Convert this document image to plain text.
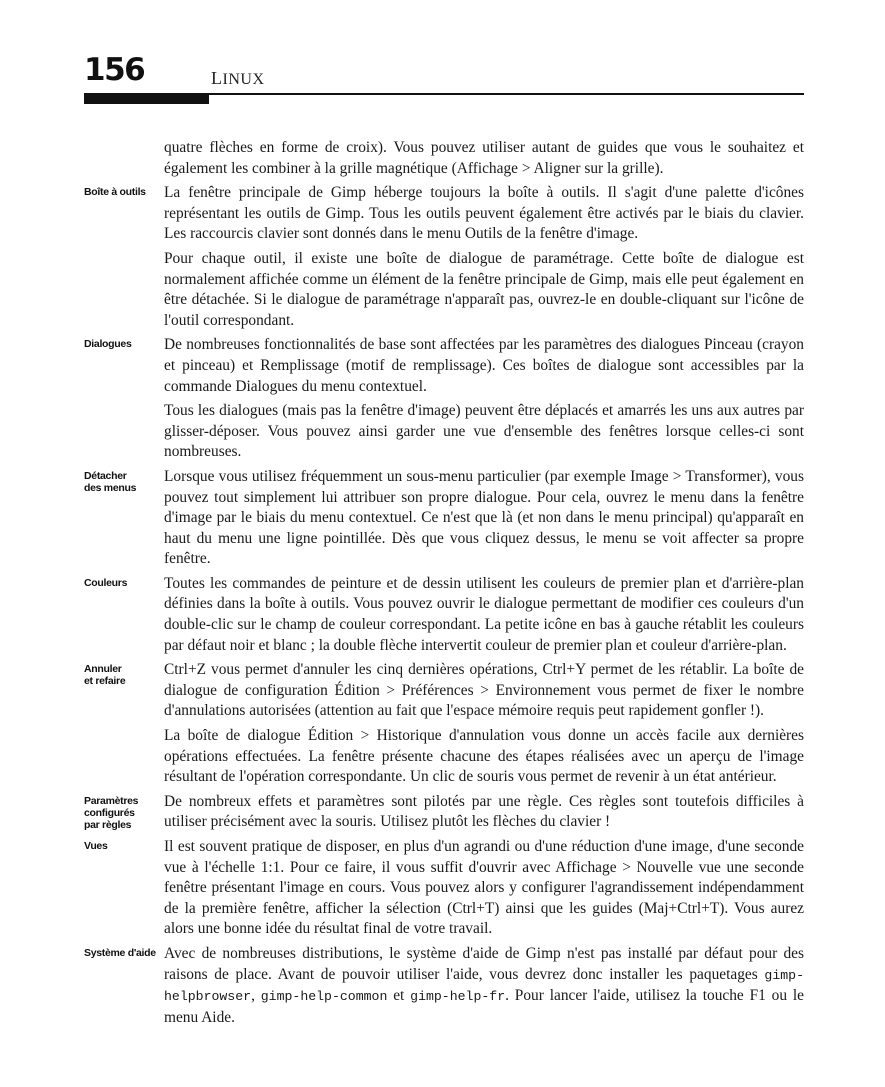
156	LINUX

quatre flèches en forme de croix). Vous pouvez utiliser autant de guides que vous le souhaitez et également les combiner à la grille magnétique (Affichage > Aligner sur la grille).

Boîte à outils	La fenêtre principale de Gimp héberge toujours la boîte à outils. Il s'agit d'une palette d'icônes représentant les outils de Gimp. Tous les outils peuvent également être activés par le biais du clavier. Les raccourcis clavier sont donnés dans le menu Outils de la fenêtre d'image.

Pour chaque outil, il existe une boîte de dialogue de paramétrage. Cette boîte de dialogue est normalement affichée comme un élément de la fenêtre principale de Gimp, mais elle peut également en être détachée. Si le dialogue de paramétrage n'apparaît pas, ouvrez-le en double-cliquant sur l'icône de l'outil correspondant.

Dialogues	De nombreuses fonctionnalités de base sont affectées par les paramètres des dialogues Pinceau (crayon et pinceau) et Remplissage (motif de remplissage). Ces boîtes de dialogue sont accessibles par la commande Dialogues du menu contextuel.

Tous les dialogues (mais pas la fenêtre d'image) peuvent être déplacés et amarrés les uns aux autres par glisser-déposer. Vous pouvez ainsi garder une vue d'ensemble des fenêtres lorsque celles-ci sont nombreuses.

Détacher
des menus

Lorsque vous utilisez fréquemment un sous-menu particulier (par exemple Image > Transformer), vous pouvez tout simplement lui attribuer son propre dialogue. Pour cela, ouvrez le menu dans la fenêtre d'image par le biais du menu contextuel. Ce n'est que là (et non dans le menu principal) qu'apparaît en haut du menu une ligne pointillée. Dès que vous cliquez dessus, le menu se voit affecter sa propre fenêtre.

Couleurs	Toutes les commandes de peinture et de dessin utilisent les couleurs de premier plan et d'arrière-plan définies dans la boîte à outils. Vous pouvez ouvrir le dialogue permettant de modifier ces couleurs d'un double-clic sur le champ de couleur correspondant. La petite icône en bas à gauche rétablit les couleurs par défaut noir et blanc ; la double flèche intervertit couleur de premier plan et couleur d'arrière-plan.

Annuler
et refaire

Ctrl+Z vous permet d'annuler les cinq dernières opérations, Ctrl+Y permet de les rétablir. La boîte de dialogue de configuration Édition > Préférences > Environnement vous permet de fixer le nombre d'annulations autorisées (attention au fait que l'espace mémoire requis peut rapidement gonfler !).

La boîte de dialogue Édition > Historique d'annulation vous donne un accès facile aux dernières opérations effectuées. La fenêtre présente chacune des étapes réalisées avec un aperçu de l'image résultant de l'opération correspondante. Un clic de souris vous permet de revenir à un état antérieur.

Paramètres
configurés
par règles

De nombreux effets et paramètres sont pilotés par une règle. Ces règles sont toutefois difficiles à utiliser précisément avec la souris. Utilisez plutôt les flèches du clavier !

Vues	Il est souvent pratique de disposer, en plus d'un agrandi ou d'une réduction d'une image, d'une seconde vue à l'échelle 1:1. Pour ce faire, il vous suffit d'ouvrir avec Affichage > Nouvelle vue une seconde fenêtre présentant l'image en cours. Vous pouvez alors y configurer l'agrandissement indépendamment de la première fenêtre, afficher la sélection (Ctrl+T) ainsi que les guides (Maj+Ctrl+T). Vous aurez alors une bonne idée du résultat final de votre travail.

Système d'aide Avec de nombreuses distributions, le système d'aide de Gimp n'est pas installé par défaut pour des raisons de place. Avant de pouvoir utiliser l'aide, vous devrez donc installer les paquetages gimp-helpbrowser, gimp-help-common et gimp-help-fr. Pour lancer l'aide, utilisez la touche F1 ou le menu Aide.
